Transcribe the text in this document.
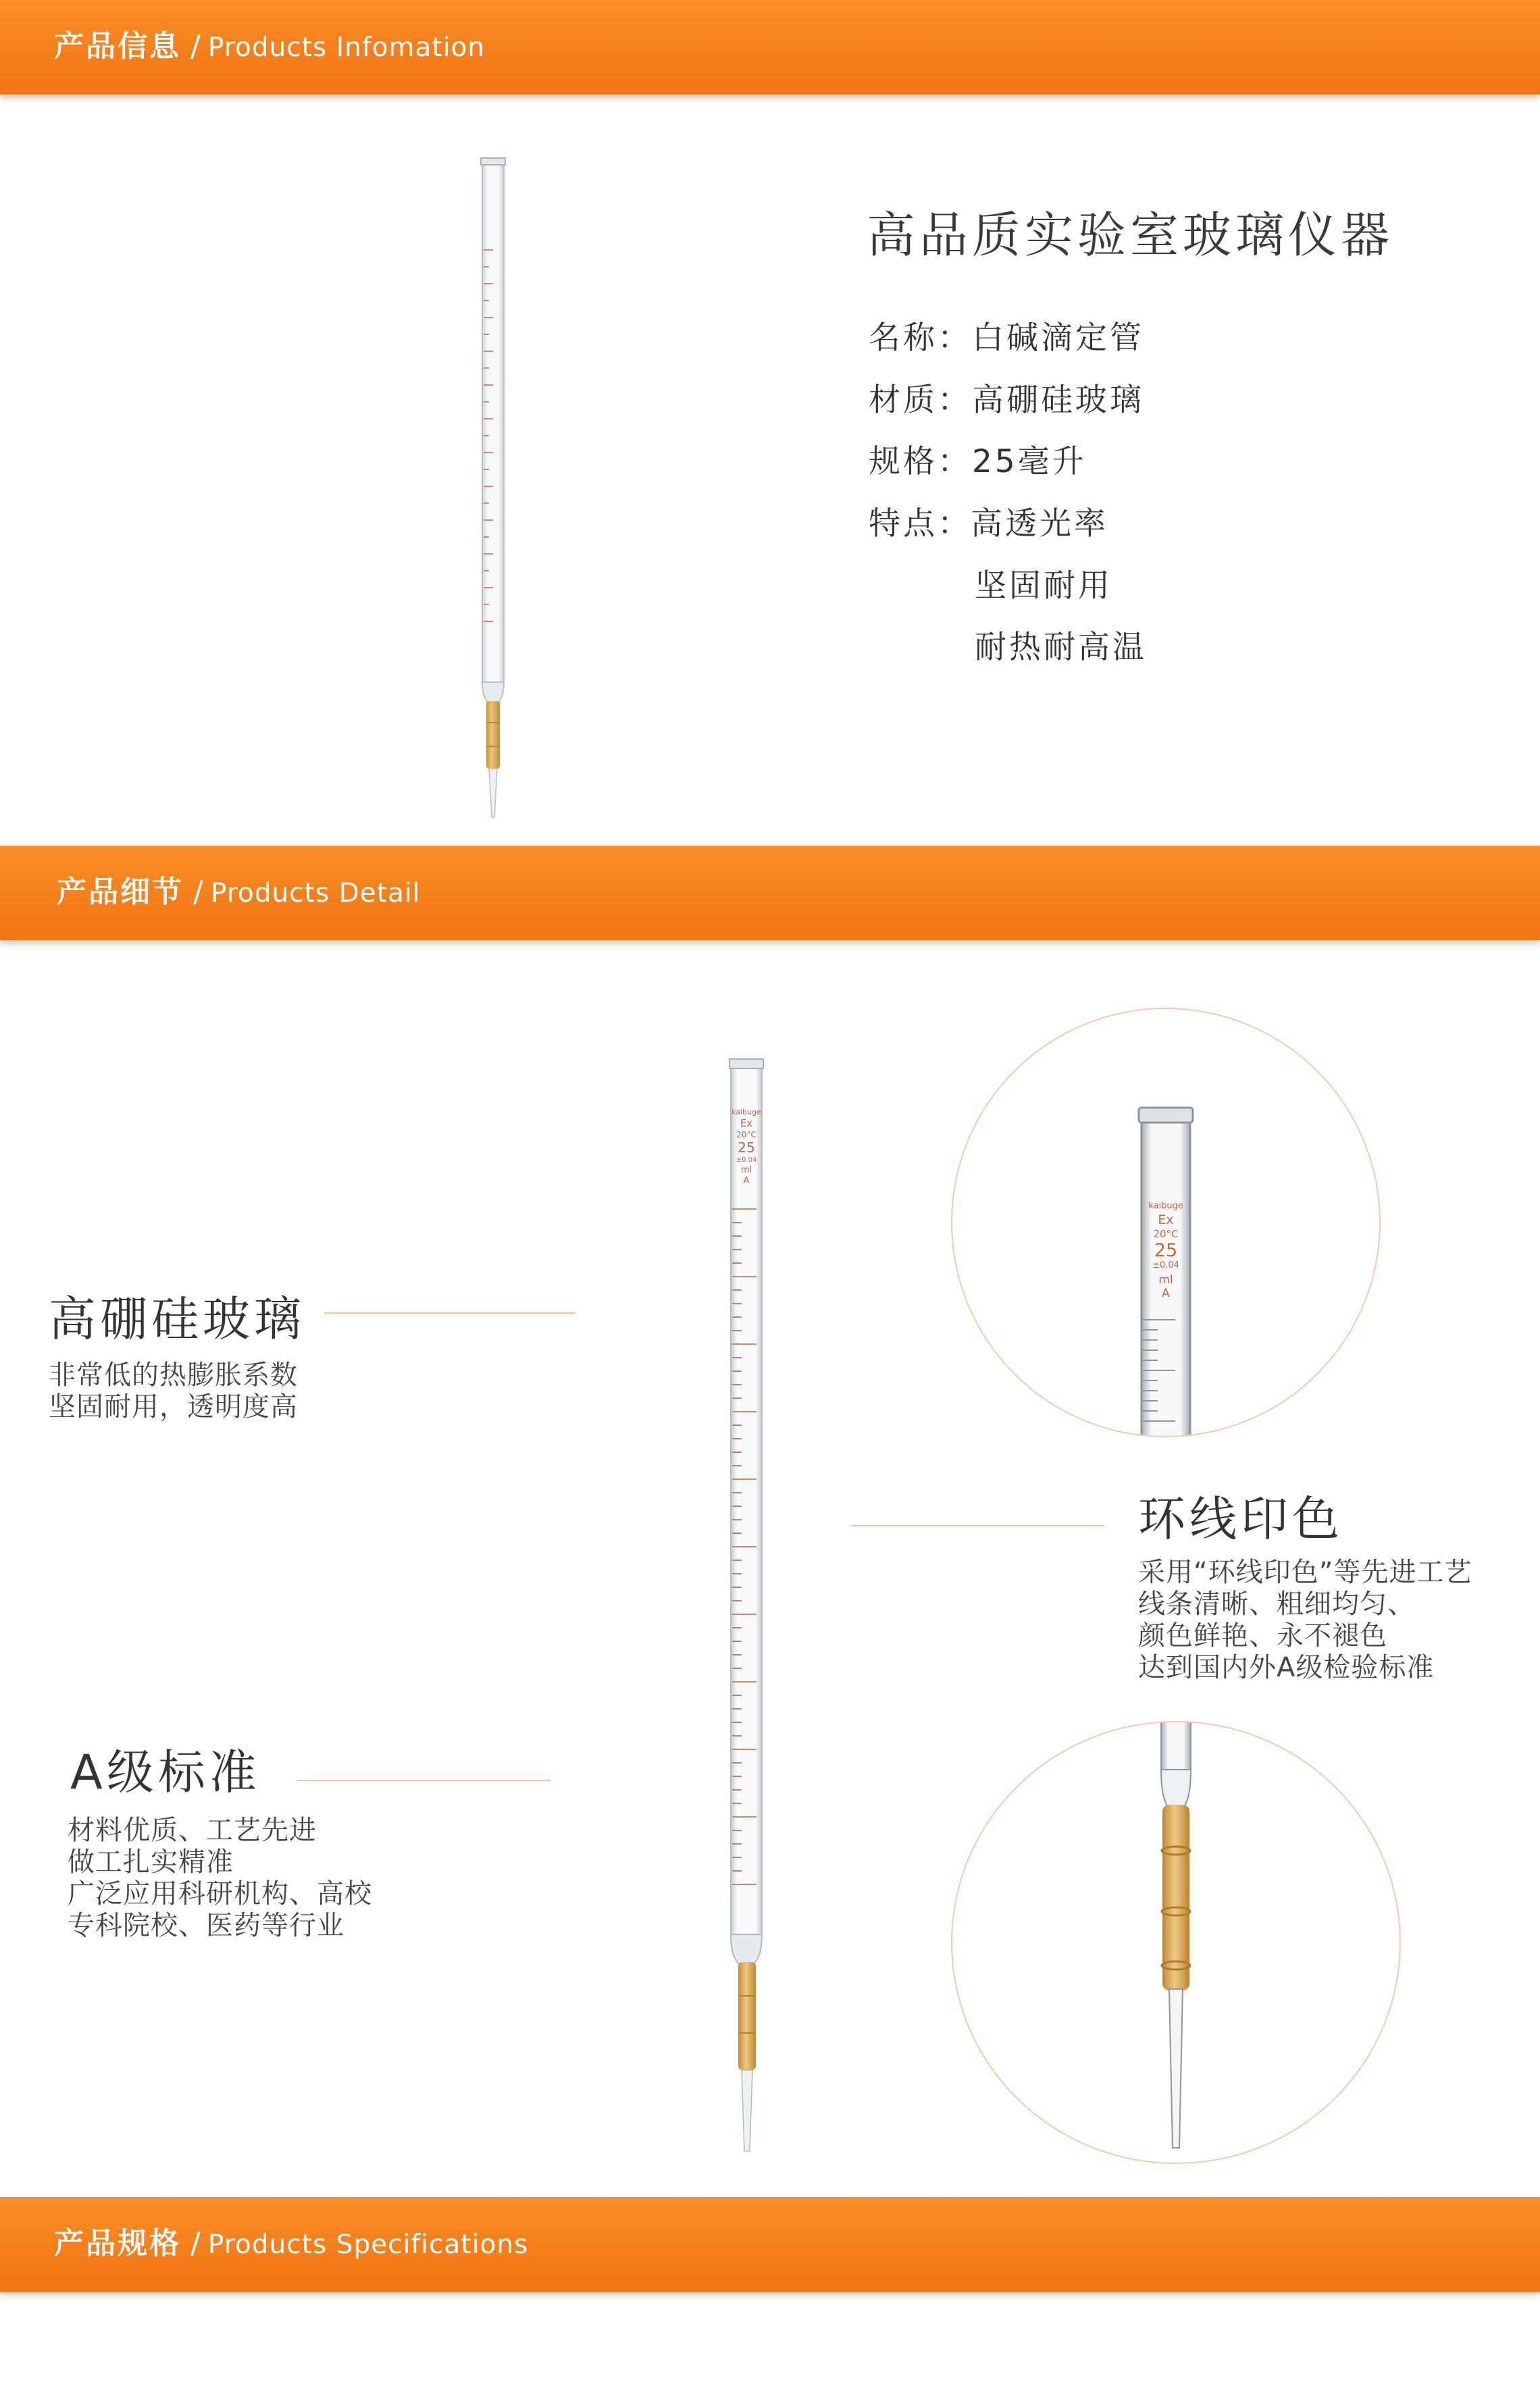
产品信息 / Products Infomation
高品质实验室玻璃仪器
名称：白碱滴定管
材质：高硼硅玻璃
规格：25毫升
特点：
高透光率
坚固耐用
耐热耐高温
产品细节 / Products Detail
kaibuge
Ex
20°C
25
±0.04
ml
A
高硼硅玻璃
非常低的热膨胀系数
坚固耐用，透明度高
环线印色
采用“环线印色”等先进工艺
线条清晰、粗细均匀、
颜色鲜艳、永不褪色
达到国内外A级检验标准
A级标准
材料优质、工艺先进
做工扎实精准
广泛应用科研机构、高校
专科院校、医药等行业
kaibuge
Ex
20°C
25
±0.04
ml
A
产品规格 / Products Specifications
